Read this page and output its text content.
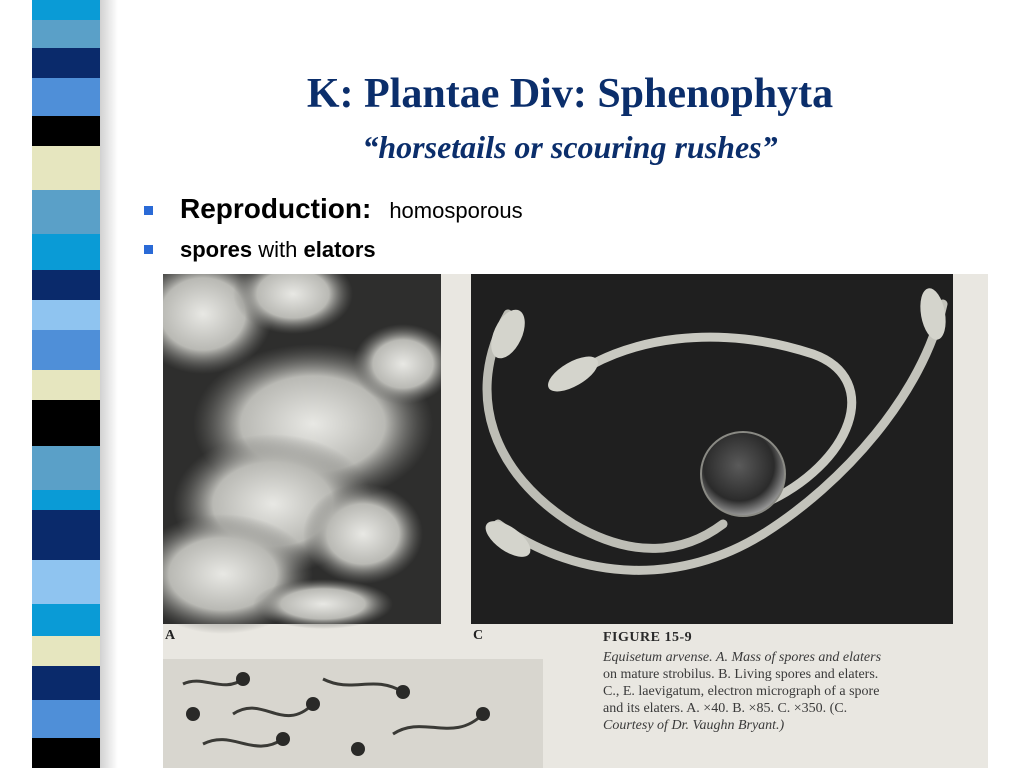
K: Plantae Div: Sphenophyta
“horsetails or scouring rushes”
Reproduction: homosporous
spores with elators
A	C	FIGURE 15-9
Equisetum arvense. A. Mass of spores and elaters
on mature strobilus. B. Living spores and elaters.
C., E. laevigatum, electron micrograph of a spore
and its elaters. A. ×40. B. ×85. C. ×350. (C.
Courtesy of Dr. Vaughn Bryant.)
